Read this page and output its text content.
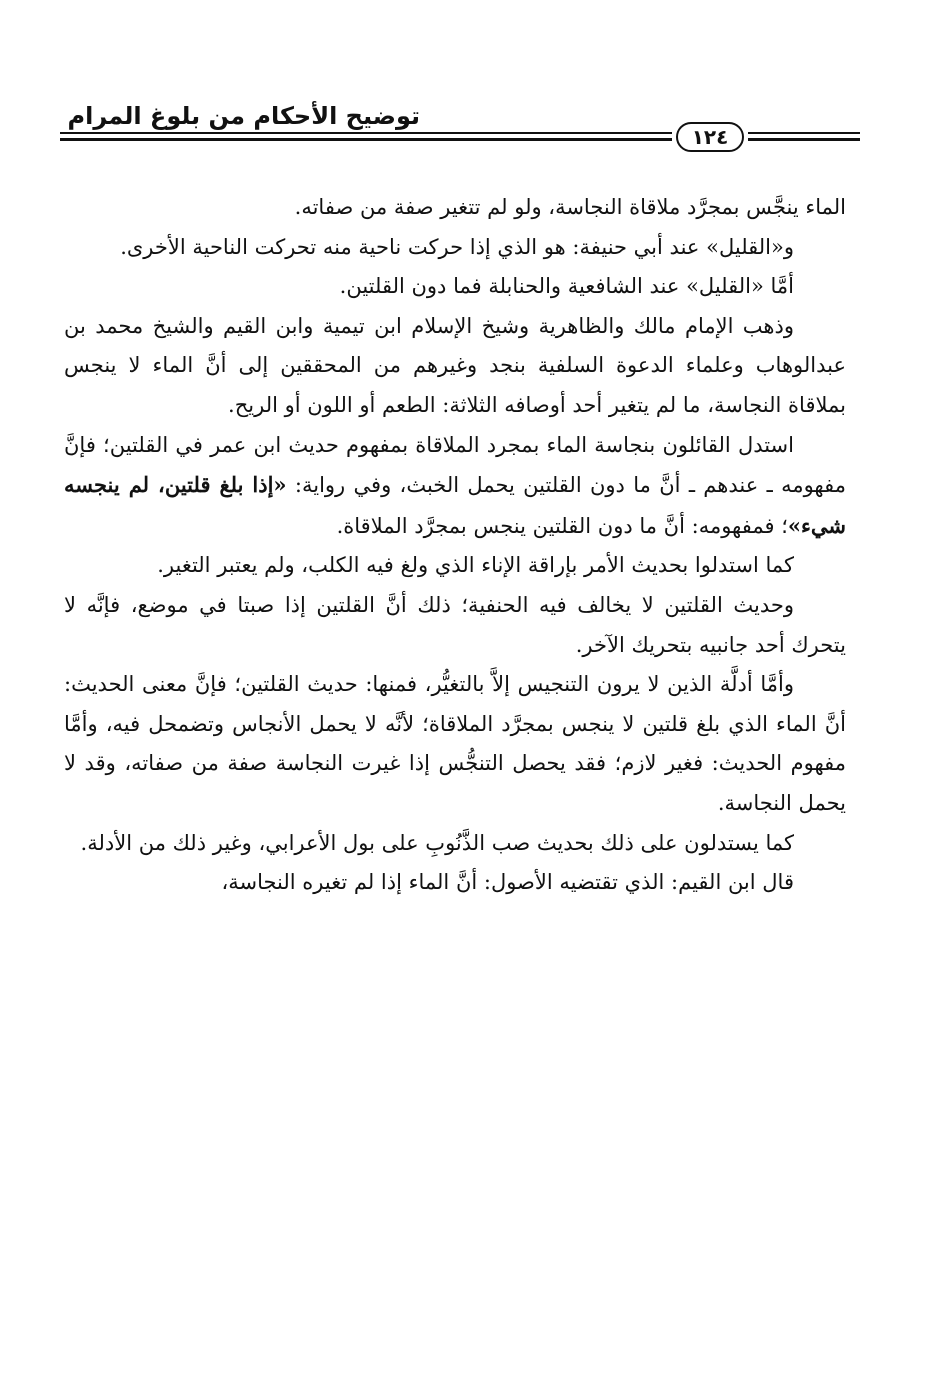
توضيح الأحكام من بلوغ المرام
١٢٤

الماء ينجَّس بمجرَّد ملاقاة النجاسة، ولو لم تتغير صفة من صفاته.

و«القليل» عند أبي حنيفة: هو الذي إذا حركت ناحية منه تحركت الناحية الأخرى.

أمَّا «القليل» عند الشافعية والحنابلة فما دون القلتين.

وذهب الإمام مالك والظاهرية وشيخ الإسلام ابن تيمية وابن القيم والشيخ محمد بن عبدالوهاب وعلماء الدعوة السلفية بنجد وغيرهم من المحققين إلى أنَّ الماء لا ينجس بملاقاة النجاسة، ما لم يتغير أحد أوصافه الثلاثة: الطعم أو اللون أو الريح.

استدل القائلون بنجاسة الماء بمجرد الملاقاة بمفهوم حديث ابن عمر في القلتين؛ فإنَّ مفهومه ـ عندهم ـ أنَّ ما دون القلتين يحمل الخبث، وفي رواية: «إذا بلغ قلتين، لم ينجسه شيء»؛ فمفهومه: أنَّ ما دون القلتين ينجس بمجرَّد الملاقاة.

كما استدلوا بحديث الأمر بإراقة الإناء الذي ولغ فيه الكلب، ولم يعتبر التغير.

وحديث القلتين لا يخالف فيه الحنفية؛ ذلك أنَّ القلتين إذا صبتا في موضع، فإنَّه لا يتحرك أحد جانبيه بتحريك الآخر.

وأمَّا أدلَّة الذين لا يرون التنجيس إلاَّ بالتغيُّر، فمنها: حديث القلتين؛ فإنَّ معنى الحديث: أنَّ الماء الذي بلغ قلتين لا ينجس بمجرَّد الملاقاة؛ لأنَّه لا يحمل الأنجاس وتضمحل فيه، وأمَّا مفهوم الحديث: فغير لازم؛ فقد يحصل التنجُّس إذا غيرت النجاسة صفة من صفاته، وقد لا يحمل النجاسة.

كما يستدلون على ذلك بحديث صب الذَّنُوبِ على بول الأعرابي، وغير ذلك من الأدلة.

قال ابن القيم: الذي تقتضيه الأصول: أنَّ الماء إذا لم تغيره النجاسة،
